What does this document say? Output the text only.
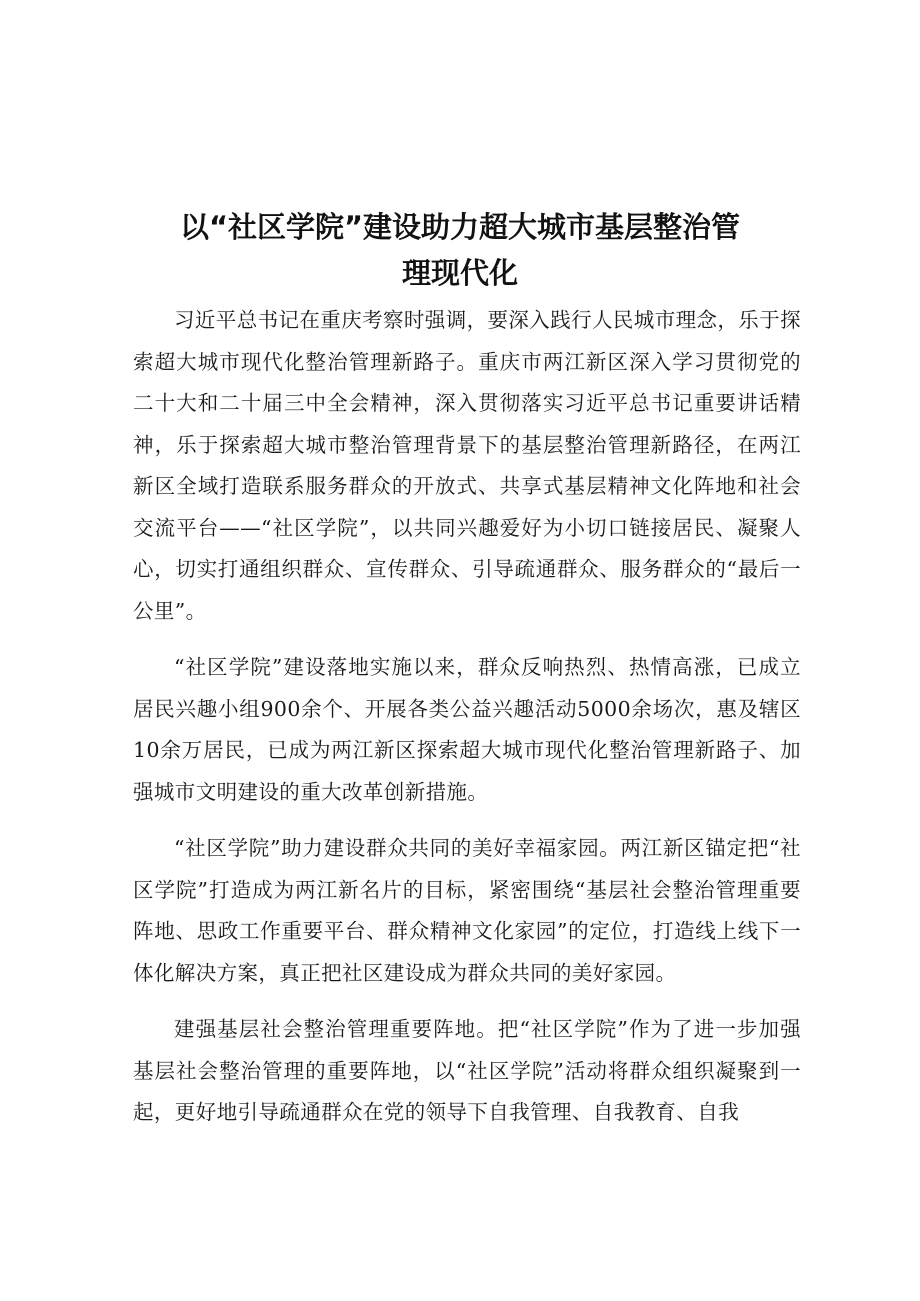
以“社区学院”建设助力超大城市基层整治管
理现代化

习近平总书记在重庆考察时强调，要深入践行人民城市理念，乐于探索超大城市现代化整治管理新路子。重庆市两江新区深入学习贯彻党的二十大和二十届三中全会精神，深入贯彻落实习近平总书记重要讲话精神，乐于探索超大城市整治管理背景下的基层整治管理新路径，在两江新区全域打造联系服务群众的开放式、共享式基层精神文化阵地和社会交流平台——“社区学院”，以共同兴趣爱好为小切口链接居民、凝聚人心，切实打通组织群众、宣传群众、引导疏通群众、服务群众的“最后一公里”。

“社区学院”建设落地实施以来，群众反响热烈、热情高涨，已成立居民兴趣小组900余个、开展各类公益兴趣活动5000余场次，惠及辖区10余万居民，已成为两江新区探索超大城市现代化整治管理新路子、加强城市文明建设的重大改革创新措施。

“社区学院”助力建设群众共同的美好幸福家园。两江新区锚定把“社区学院”打造成为两江新名片的目标，紧密围绕“基层社会整治管理重要阵地、思政工作重要平台、群众精神文化家园”的定位，打造线上线下一体化解决方案，真正把社区建设成为群众共同的美好家园。

建强基层社会整治管理重要阵地。把“社区学院”作为了进一步加强基层社会整治管理的重要阵地，以“社区学院”活动将群众组织凝聚到一起，更好地引导疏通群众在党的领导下自我管理、自我教育、自我
